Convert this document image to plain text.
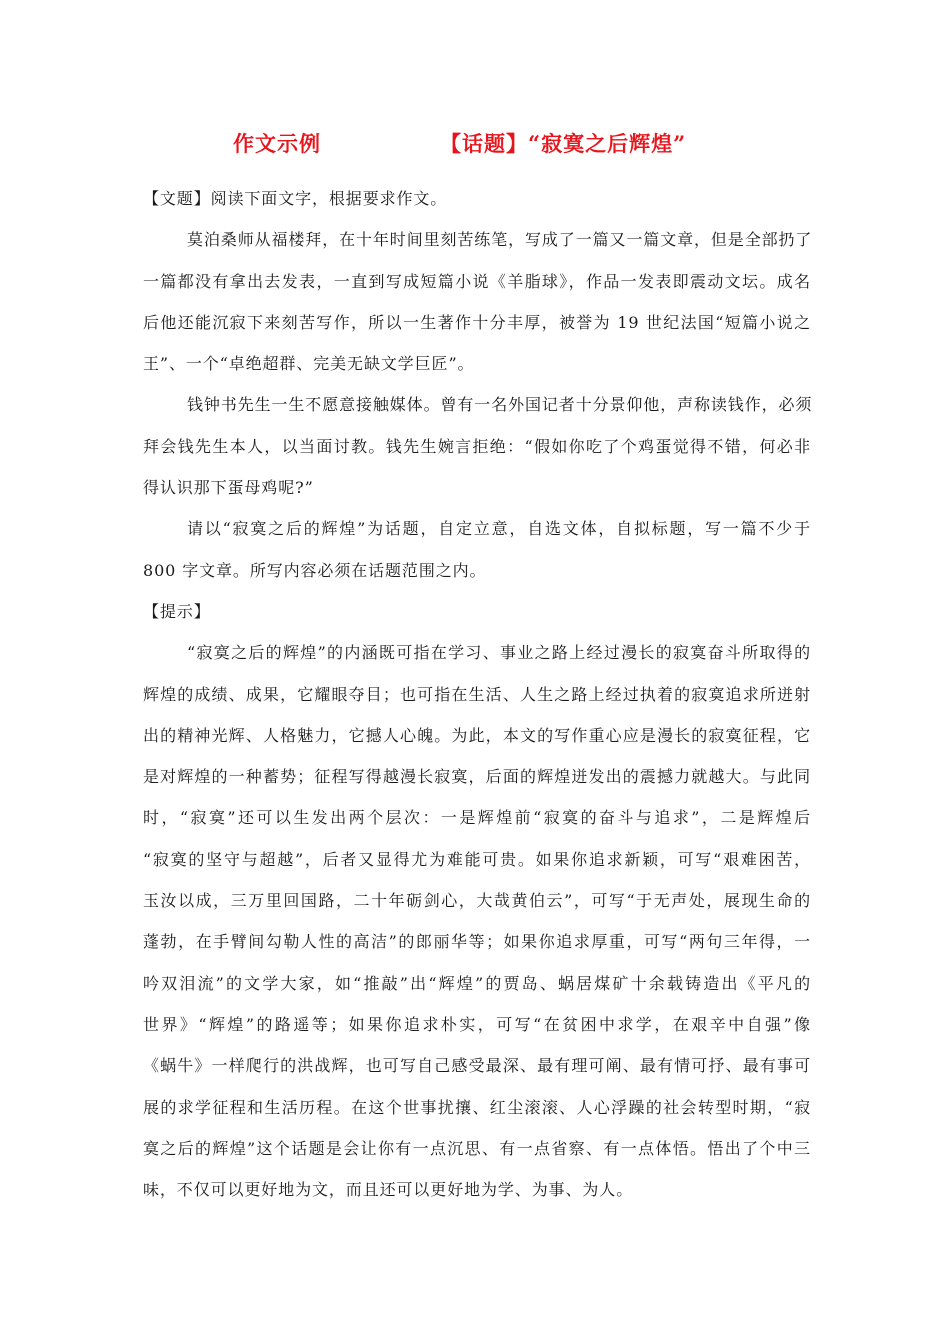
作文示例	【话题】“寂寞之后辉煌”
【文题】阅读下面文字，根据要求作文。
莫泊桑师从福楼拜，在十年时间里刻苦练笔，写成了一篇又一篇文章，但是全部扔了
一篇都没有拿出去发表，一直到写成短篇小说《羊脂球》，作品一发表即震动文坛。成名
后他还能沉寂下来刻苦写作，所以一生著作十分丰厚，被誉为 19 世纪法国“短篇小说之
王”、一个“卓绝超群、完美无缺文学巨匠”。
钱钟书先生一生不愿意接触媒体。曾有一名外国记者十分景仰他，声称读钱作，必须
拜会钱先生本人，以当面讨教。钱先生婉言拒绝：“假如你吃了个鸡蛋觉得不错，何必非
得认识那下蛋母鸡呢?”
请以“寂寞之后的辉煌”为话题，自定立意，自选文体，自拟标题，写一篇不少于
800 字文章。所写内容必须在话题范围之内。
【提示】
“寂寞之后的辉煌”的内涵既可指在学习、事业之路上经过漫长的寂寞奋斗所取得的
辉煌的成绩、成果，它耀眼夺目；也可指在生活、人生之路上经过执着的寂寞追求所迸射
出的精神光辉、人格魅力，它撼人心魄。为此，本文的写作重心应是漫长的寂寞征程，它
是对辉煌的一种蓄势；征程写得越漫长寂寞，后面的辉煌迸发出的震撼力就越大。与此同
时，“寂寞”还可以生发出两个层次：一是辉煌前“寂寞的奋斗与追求”，二是辉煌后
“寂寞的坚守与超越”，后者又显得尤为难能可贵。如果你追求新颖，可写“艰难困苦，
玉汝以成，三万里回国路，二十年砺剑心，大哉黄伯云”，可写“于无声处，展现生命的
蓬勃，在手臂间勾勒人性的高洁”的郎丽华等；如果你追求厚重，可写“两句三年得，一
吟双泪流”的文学大家，如“推敲”出“辉煌”的贾岛、蜗居煤矿十余载铸造出《平凡的
世界》“辉煌”的路遥等；如果你追求朴实，可写“在贫困中求学，在艰辛中自强”像
《蜗牛》一样爬行的洪战辉，也可写自己感受最深、最有理可阐、最有情可抒、最有事可
展的求学征程和生活历程。在这个世事扰攘、红尘滚滚、人心浮躁的社会转型时期，“寂
寞之后的辉煌”这个话题是会让你有一点沉思、有一点省察、有一点体悟。悟出了个中三
味，不仅可以更好地为文，而且还可以更好地为学、为事、为人。
